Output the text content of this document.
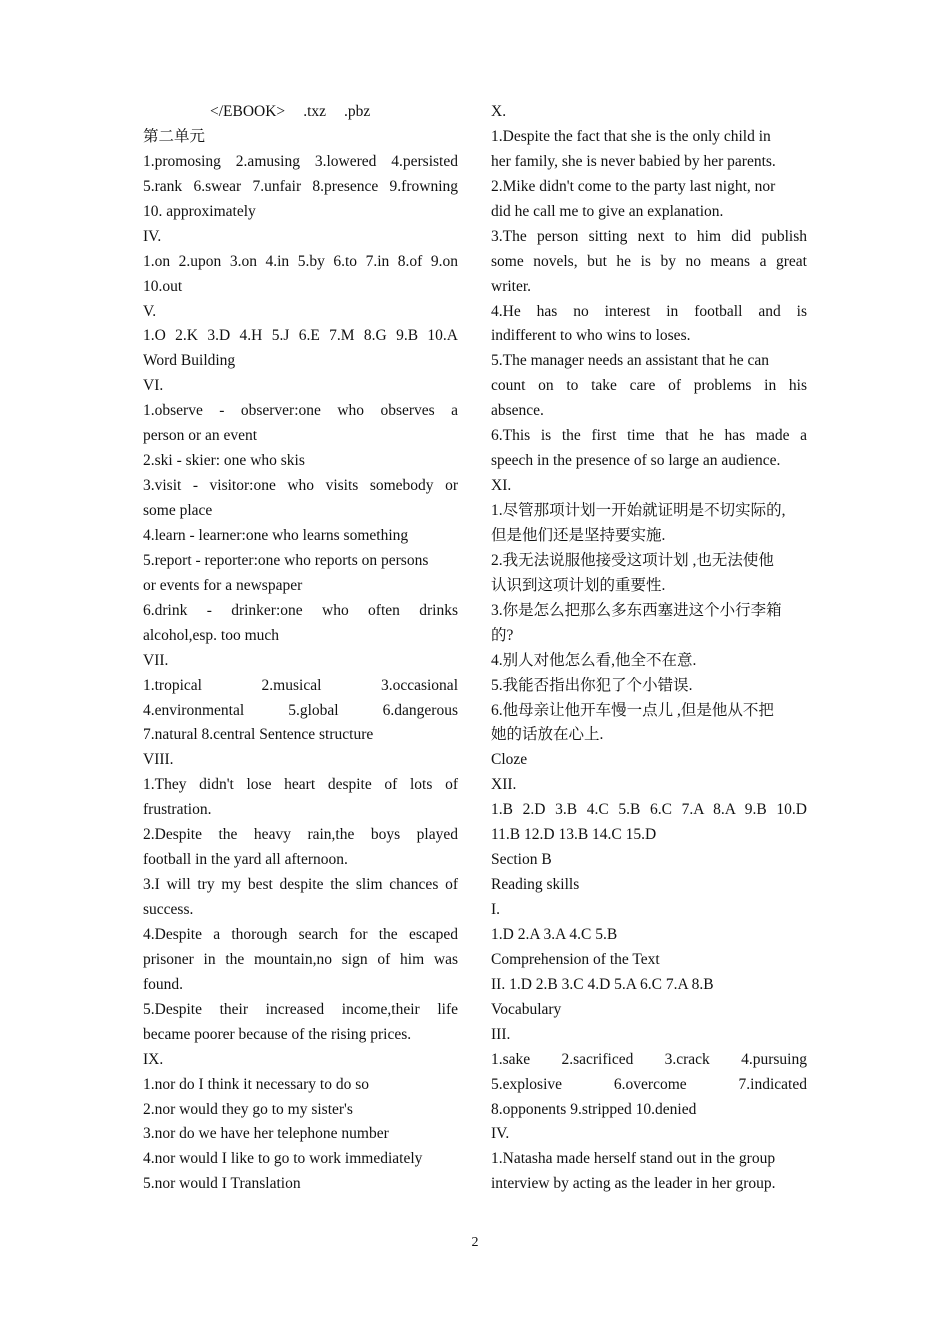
</EBOOK> .txz .pbz
第二单元
1.promosing 2.amusing 3.lowered 4.persisted
5.rank 6.swear 7.unfair 8.presence 9.frowning
10. approximately
IV.
1.on 2.upon 3.on 4.in 5.by 6.to 7.in 8.of 9.on
10.out
V.
1.O 2.K 3.D 4.H 5.J 6.E 7.M 8.G 9.B 10.A
Word Building
VI.
1.observe - observer:one who observes a
person or an event
2.ski - skier: one who skis
3.visit - visitor:one who visits somebody or
some place
4.learn - learner:one who learns something
5.report - reporter:one who reports on persons
or events for a newspaper
6.drink - drinker:one who often drinks
alcohol,esp. too much
VII.
1.tropical 2.musical 3.occasional
4.environmental 5.global 6.dangerous
7.natural 8.central Sentence structure
VIII.
1.They didn't lose heart despite of lots of
frustration.
2.Despite the heavy rain,the boys played
football in the yard all afternoon.
3.I will try my best despite the slim chances of
success.
4.Despite a thorough search for the escaped
prisoner in the mountain,no sign of him was
found.
5.Despite their increased income,their life
became poorer because of the rising prices.
IX.
1.nor do I think it necessary to do so
2.nor would they go to my sister's
3.nor do we have her telephone number
4.nor would I like to go to work immediately
5.nor would I Translation
X.
1.Despite the fact that she is the only child in
her family, she is never babied by her parents.
2.Mike didn't come to the party last night, nor
did he call me to give an explanation.
3.The person sitting next to him did publish
some novels, but he is by no means a great
writer.
4.He has no interest in football and is
indifferent to who wins to loses.
5.The manager needs an assistant that he can
count on to take care of problems in his
absence.
6.This is the first time that he has made a
speech in the presence of so large an audience.
XI.
1.尽管那项计划一开始就证明是不切实际的,
但是他们还是坚持要实施.
2.我无法说服他接受这项计划 ,也无法使他
认识到这项计划的重要性.
3.你是怎么把那么多东西塞进这个小行李箱
的?
4.别人对他怎么看,他全不在意.
5.我能否指出你犯了个小错误.
6.他母亲让他开车慢一点儿 ,但是他从不把
她的话放在心上.
Cloze
XII.
1.B 2.D 3.B 4.C 5.B 6.C 7.A 8.A 9.B 10.D
11.B 12.D 13.B 14.C 15.D
Section B
Reading skills
I.
1.D 2.A 3.A 4.C 5.B
Comprehension of the Text
II. 1.D 2.B 3.C 4.D 5.A 6.C 7.A 8.B
Vocabulary
III.
1.sake 2.sacrificed 3.crack 4.pursuing
5.explosive 6.overcome 7.indicated
8.opponents 9.stripped 10.denied
IV.
1.Natasha made herself stand out in the group
interview by acting as the leader in her group.
2
